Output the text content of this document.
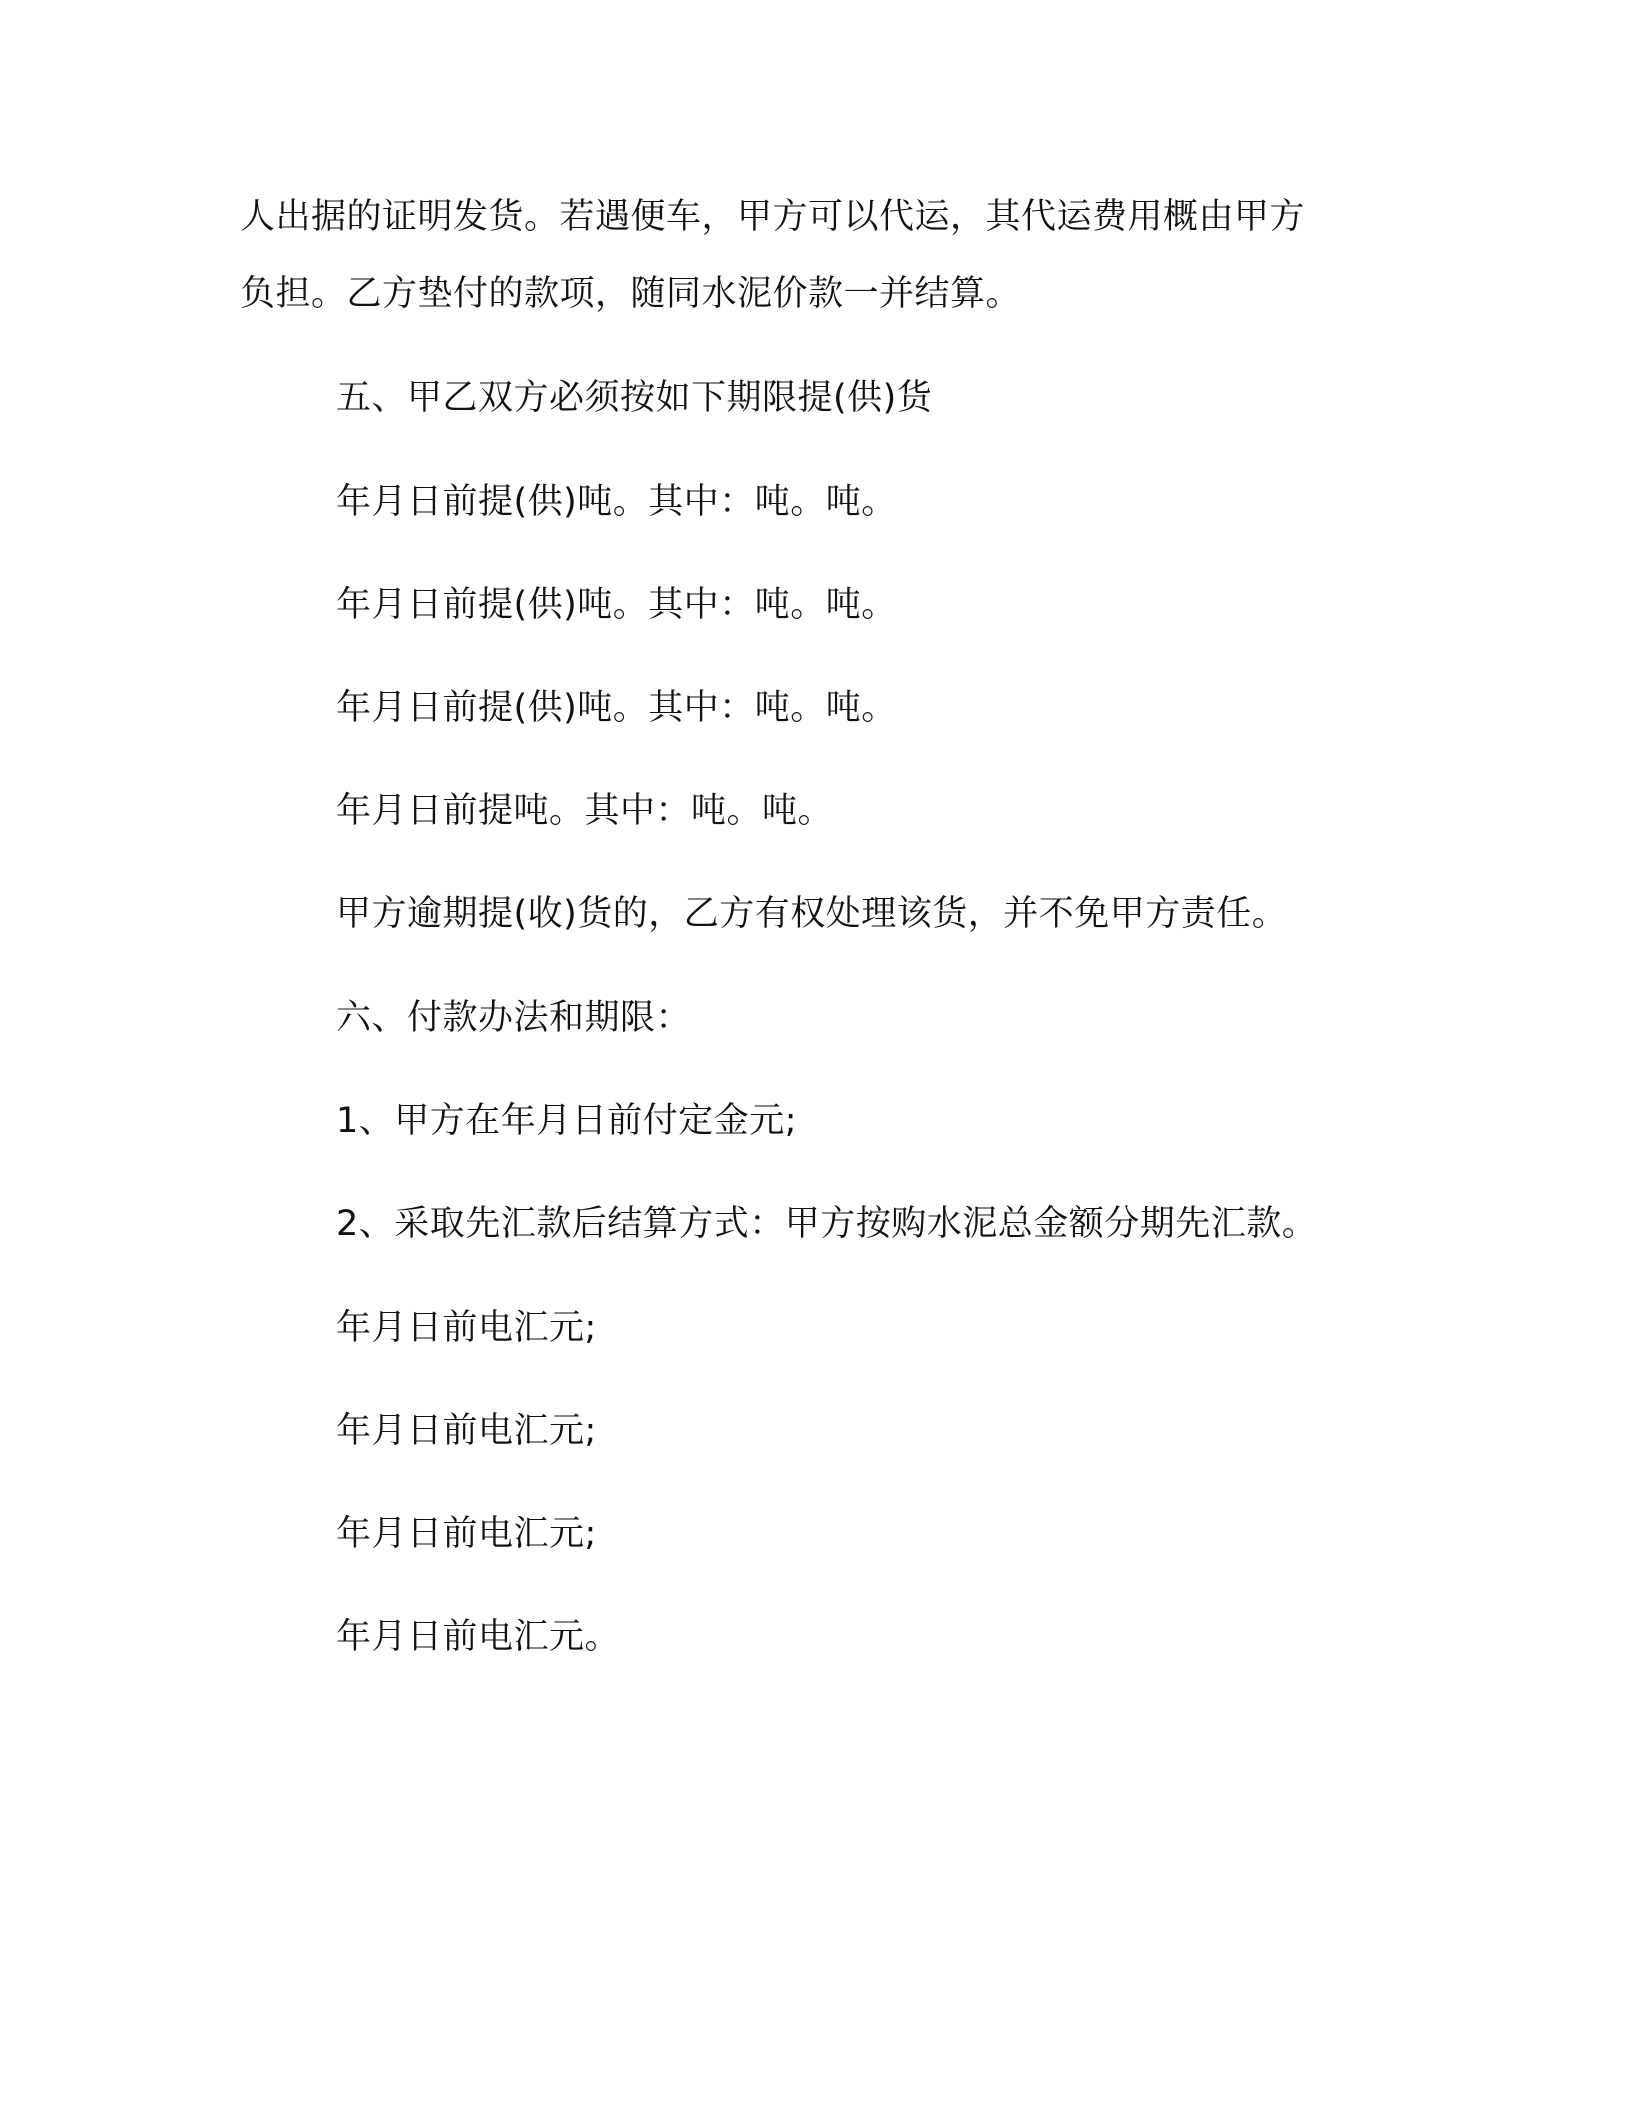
人出据的证明发货。若遇便车，甲方可以代运，其代运费用概由甲方
负担。乙方垫付的款项，随同水泥价款一并结算。
五、甲乙双方必须按如下期限提(供)货
年月日前提(供)吨。其中：吨。吨。
年月日前提(供)吨。其中：吨。吨。
年月日前提(供)吨。其中：吨。吨。
年月日前提吨。其中：吨。吨。
甲方逾期提(收)货的，乙方有权处理该货，并不免甲方责任。
六、付款办法和期限：
1、甲方在年月日前付定金元;
2、采取先汇款后结算方式：甲方按购水泥总金额分期先汇款。
年月日前电汇元;
年月日前电汇元;
年月日前电汇元;
年月日前电汇元。
